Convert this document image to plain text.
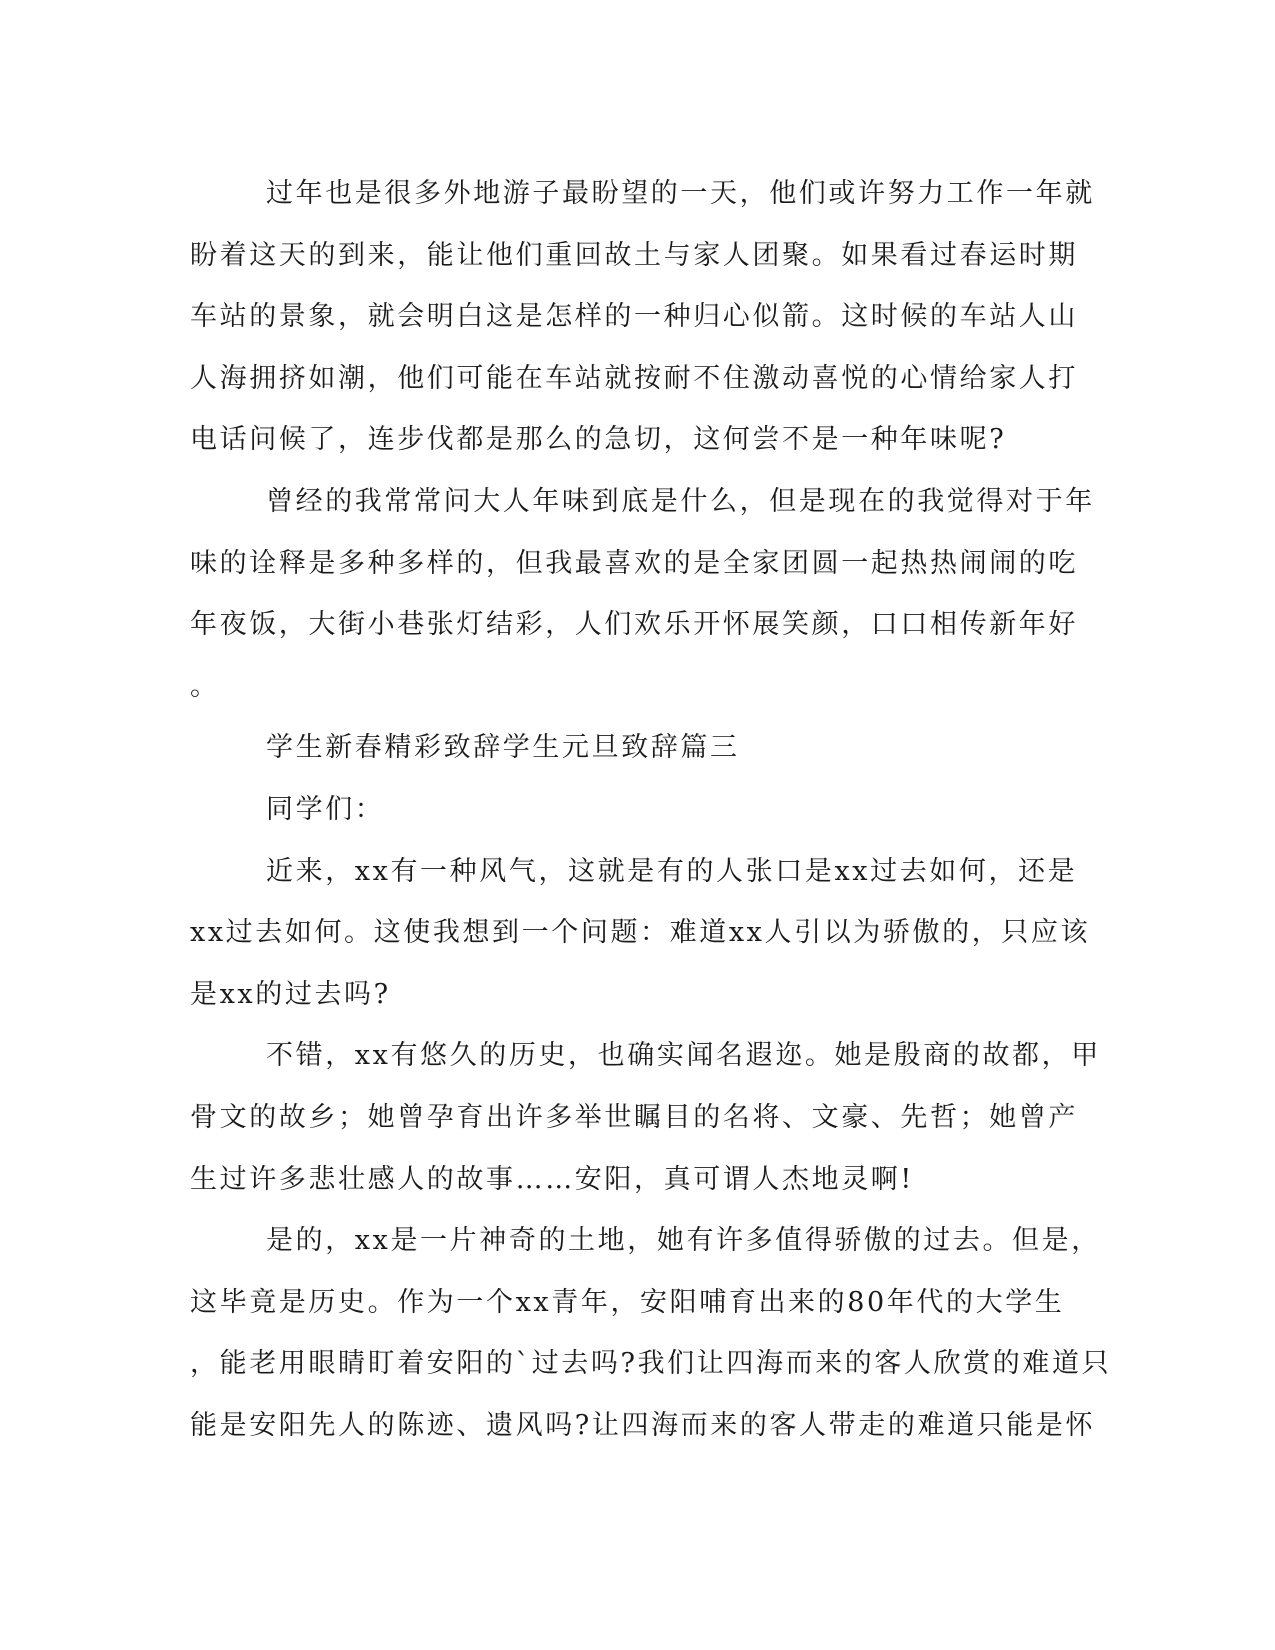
过年也是很多外地游子最盼望的一天，他们或许努力工作一年就
盼着这天的到来，能让他们重回故土与家人团聚。如果看过春运时期
车站的景象，就会明白这是怎样的一种归心似箭。这时候的车站人山
人海拥挤如潮，他们可能在车站就按耐不住激动喜悦的心情给家人打
电话问候了，连步伐都是那么的急切，这何尝不是一种年味呢?

曾经的我常常问大人年味到底是什么，但是现在的我觉得对于年
味的诠释是多种多样的，但我最喜欢的是全家团圆一起热热闹闹的吃
年夜饭，大街小巷张灯结彩，人们欢乐开怀展笑颜，口口相传新年好
。

学生新春精彩致辞学生元旦致辞篇三

同学们：

近来，xx有一种风气，这就是有的人张口是xx过去如何，还是
xx过去如何。这使我想到一个问题：难道xx人引以为骄傲的，只应该
是xx的过去吗?

不错，xx有悠久的历史，也确实闻名遐迩。她是殷商的故都，甲
骨文的故乡；她曾孕育出许多举世瞩目的名将、文豪、先哲；她曾产
生过许多悲壮感人的故事……安阳，真可谓人杰地灵啊!

是的，xx是一片神奇的土地，她有许多值得骄傲的过去。但是，
这毕竟是历史。作为一个xx青年，安阳哺育出来的80年代的大学生
，能老用眼睛盯着安阳的`过去吗?我们让四海而来的客人欣赏的难道只
能是安阳先人的陈迹、遗风吗?让四海而来的客人带走的难道只能是怀
